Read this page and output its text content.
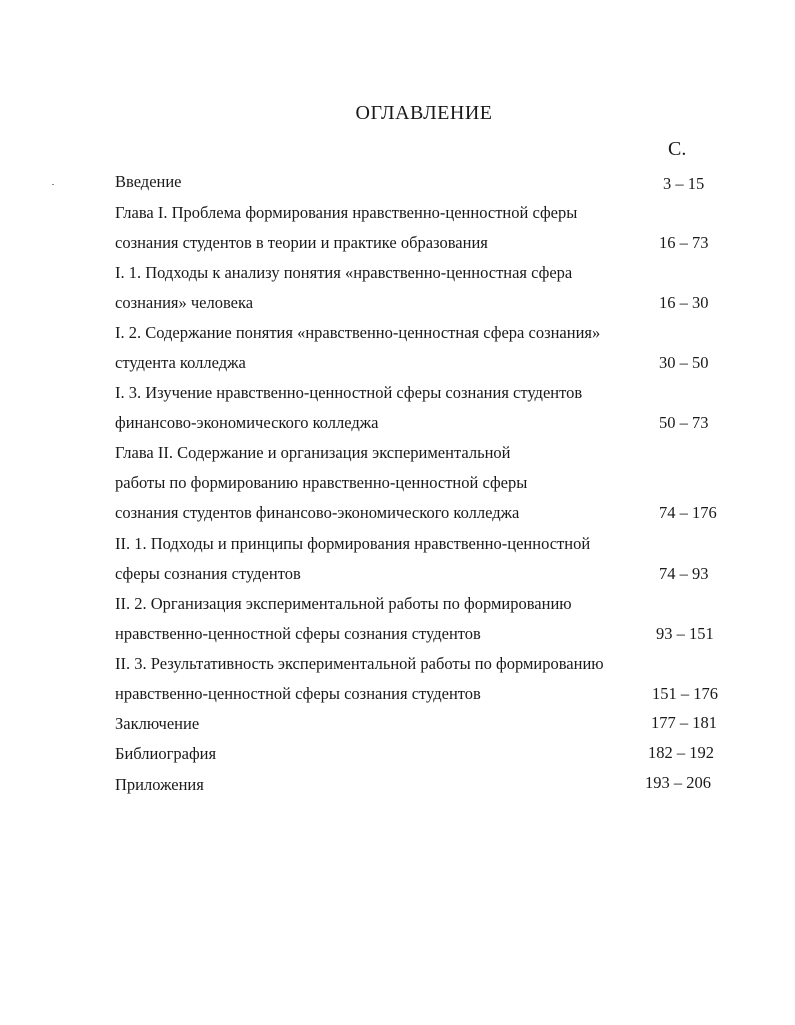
ОГЛАВЛЕНИЕ
С.
Введение	3 – 15
Глава I. Проблема формирования нравственно-ценностной сферы
сознания студентов в теории и практике образования	16 – 73
I. 1. Подходы к анализу понятия «нравственно-ценностная сфера
сознания» человека	16 – 30
I. 2. Содержание понятия «нравственно-ценностная сфера сознания»
студента колледжа	30 – 50
I. 3. Изучение нравственно-ценностной сферы сознания студентов
финансово-экономического колледжа	50 – 73
Глава II. Содержание и организация экспериментальной
работы по формированию нравственно-ценностной сферы
сознания студентов финансово-экономического колледжа	74 – 176
II. 1. Подходы и принципы формирования нравственно-ценностной
сферы сознания студентов	74 – 93
II. 2. Организация экспериментальной работы по формированию
нравственно-ценностной сферы сознания студентов	93 – 151
II. 3. Результативность экспериментальной работы по формированию
нравственно-ценностной сферы сознания студентов	151 – 176
Заключение	177 – 181
Библиография	182 – 192
Приложения	193 – 206
